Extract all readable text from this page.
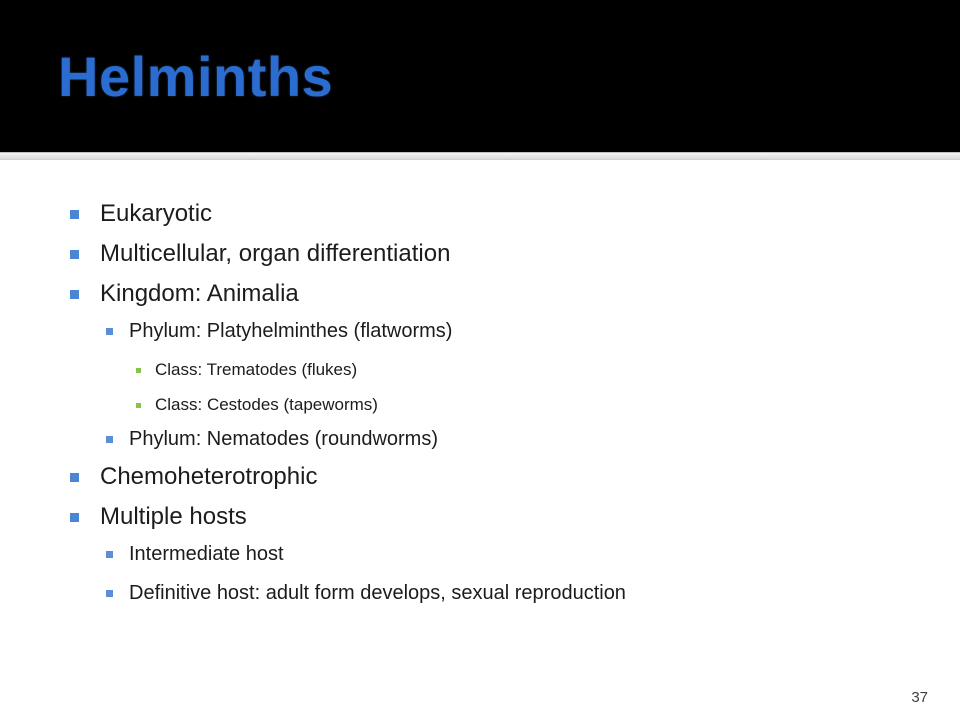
Helminths
Eukaryotic
Multicellular, organ differentiation
Kingdom: Animalia
Phylum: Platyhelminthes (flatworms)
Class: Trematodes (flukes)
Class: Cestodes (tapeworms)
Phylum: Nematodes (roundworms)
Chemoheterotrophic
Multiple hosts
Intermediate host
Definitive host: adult form develops, sexual reproduction
37
